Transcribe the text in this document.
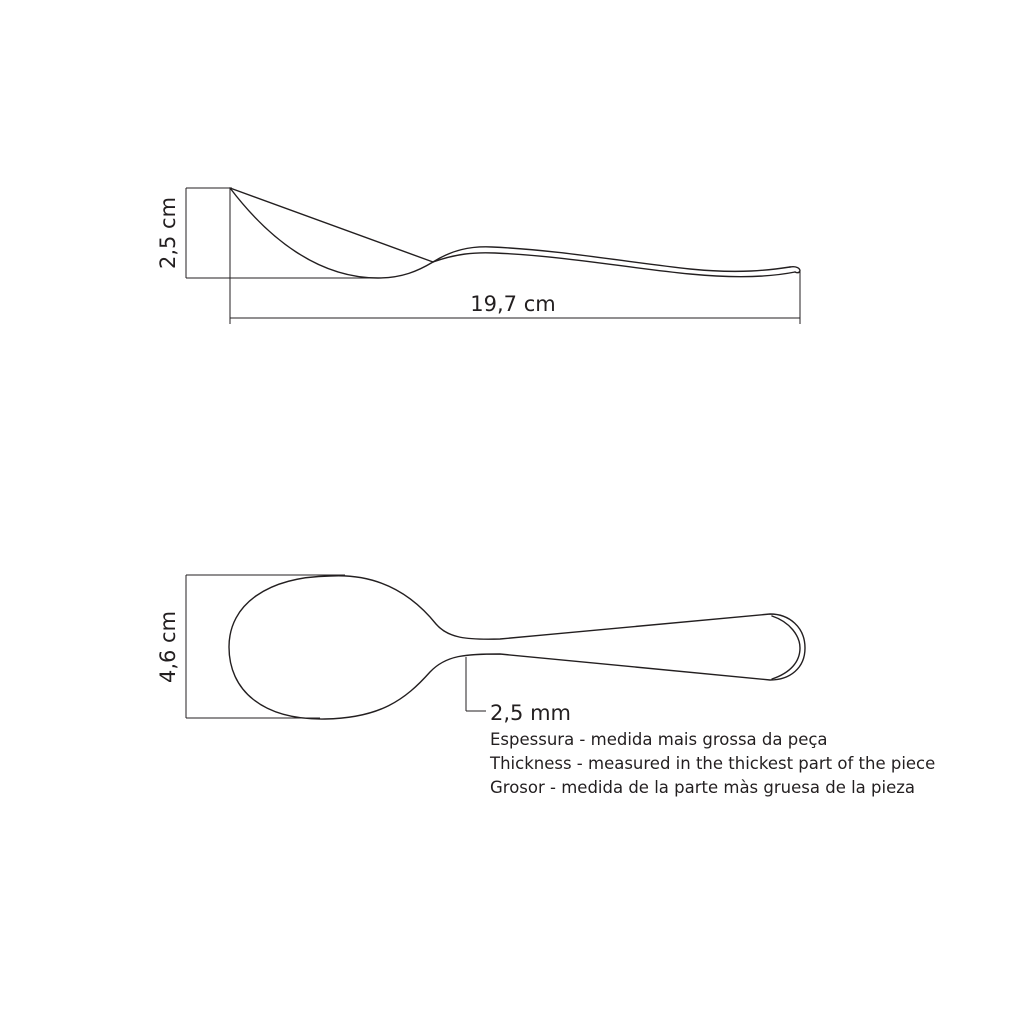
2,5 cm
19,7 cm
4,6 cm
2,5 mm
Espessura - medida mais grossa da peça
Thickness - measured in the thickest part of the piece
Grosor - medida de la parte màs gruesa de la pieza
